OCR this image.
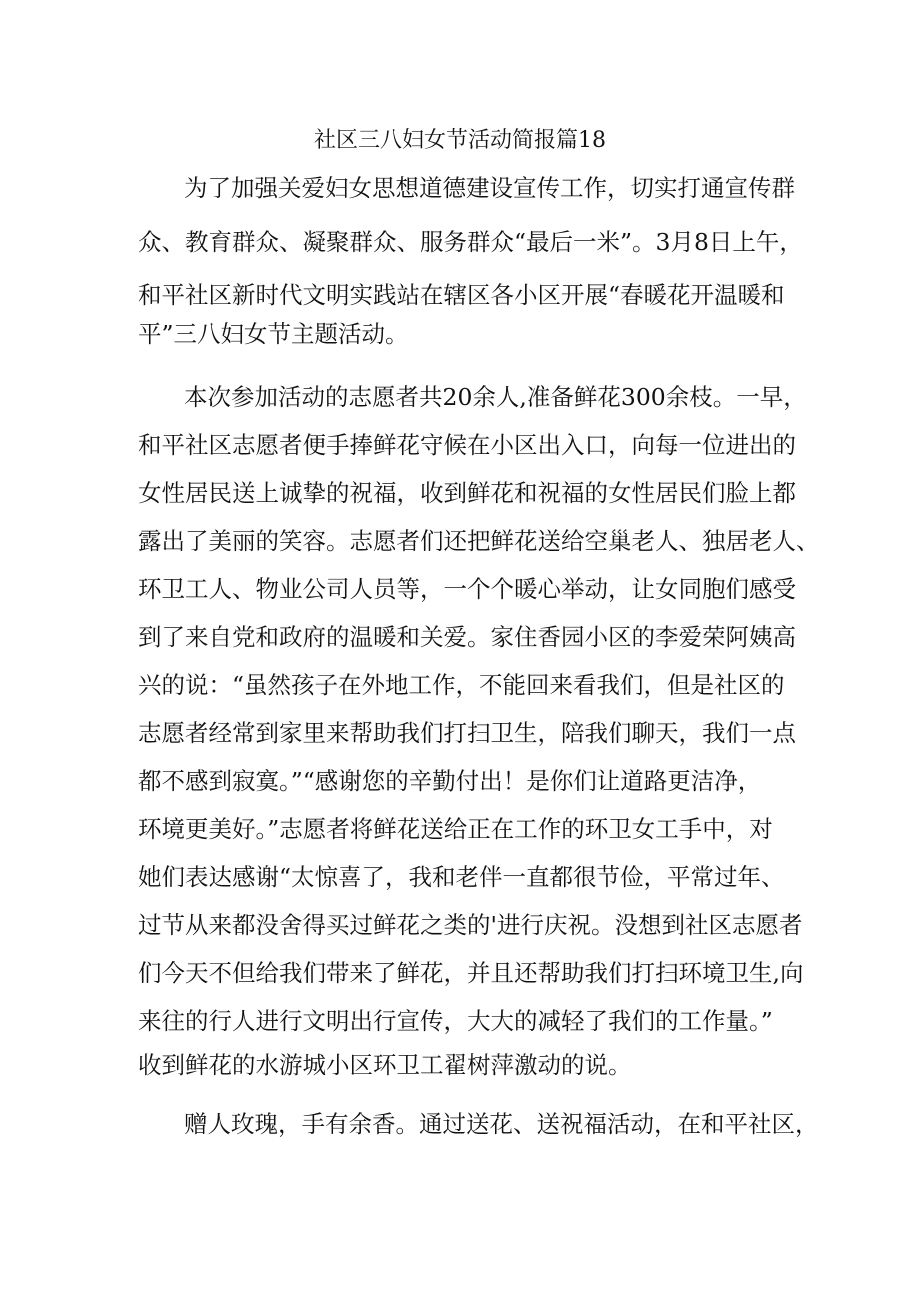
社区三八妇女节活动简报篇18
为了加强关爱妇女思想道德建设宣传工作，切实打通宣传群
众、教育群众、凝聚群众、服务群众“最后一米”。3月8日上午，
和平社区新时代文明实践站在辖区各小区开展“春暖花开温暖和
平”三八妇女节主题活动。
本次参加活动的志愿者共20余人,准备鲜花300余枝。一早，
和平社区志愿者便手捧鲜花守候在小区出入口，向每一位进出的
女性居民送上诚挚的祝福，收到鲜花和祝福的女性居民们脸上都
露出了美丽的笑容。志愿者们还把鲜花送给空巢老人、独居老人、
环卫工人、物业公司人员等，一个个暖心举动，让女同胞们感受
到了来自党和政府的温暖和关爱。家住香园小区的李爱荣阿姨高
兴的说：“虽然孩子在外地工作，不能回来看我们，但是社区的
志愿者经常到家里来帮助我们打扫卫生，陪我们聊天，我们一点
都不感到寂寞。”“感谢您的辛勤付出！是你们让道路更洁净，
环境更美好。”志愿者将鲜花送给正在工作的环卫女工手中，对
她们表达感谢“太惊喜了，我和老伴一直都很节俭，平常过年、
过节从来都没舍得买过鲜花之类的'进行庆祝。没想到社区志愿者
们今天不但给我们带来了鲜花，并且还帮助我们打扫环境卫生,向
来往的行人进行文明出行宣传，大大的减轻了我们的工作量。”
收到鲜花的水游城小区环卫工翟树萍激动的说。
赠人玫瑰，手有余香。通过送花、送祝福活动，在和平社区，
